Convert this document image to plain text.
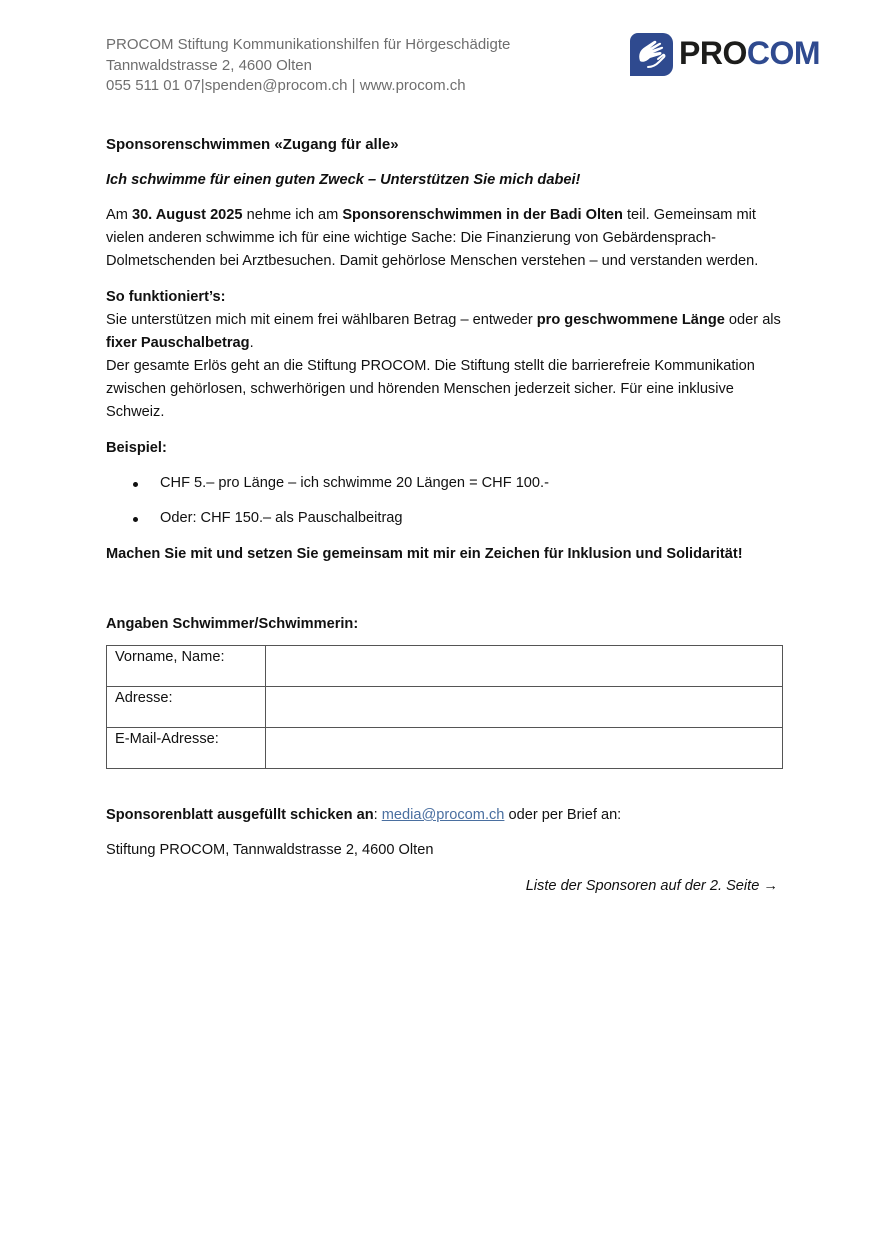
PROCOM Stiftung Kommunikationshilfen für Hörgeschädigte
Tannwaldstrasse 2, 4600 Olten
055 511 01 07|spenden@procom.ch | www.procom.ch
PROCOM

Sponsorenschwimmen «Zugang für alle»

Ich schwimme für einen guten Zweck – Unterstützen Sie mich dabei!

Am 30. August 2025 nehme ich am Sponsorenschwimmen in der Badi Olten teil. Gemeinsam mit vielen anderen schwimme ich für eine wichtige Sache: Die Finanzierung von Gebärdensprach-Dolmetschenden bei Arztbesuchen. Damit gehörlose Menschen verstehen – und verstanden werden.

So funktioniert’s:

Sie unterstützen mich mit einem frei wählbaren Betrag – entweder pro geschwommene Länge oder als fixer Pauschalbetrag.

Der gesamte Erlös geht an die Stiftung PROCOM. Die Stiftung stellt die barrierefreie Kommunikation zwischen gehörlosen, schwerhörigen und hörenden Menschen jederzeit sicher. Für eine inklusive Schweiz.

Beispiel:

CHF 5.– pro Länge – ich schwimme 20 Längen = CHF 100.-
Oder: CHF 150.– als Pauschalbeitrag

Machen Sie mit und setzen Sie gemeinsam mit mir ein Zeichen für Inklusion und Solidarität!

Angaben Schwimmer/Schwimmerin:

Vorname, Name:	
Adresse:	
E-Mail-Adresse:	

Sponsorenblatt ausgefüllt schicken an: media@procom.ch oder per Brief an:

Stiftung PROCOM, Tannwaldstrasse 2, 4600 Olten

Liste der Sponsoren auf der 2. Seite →
